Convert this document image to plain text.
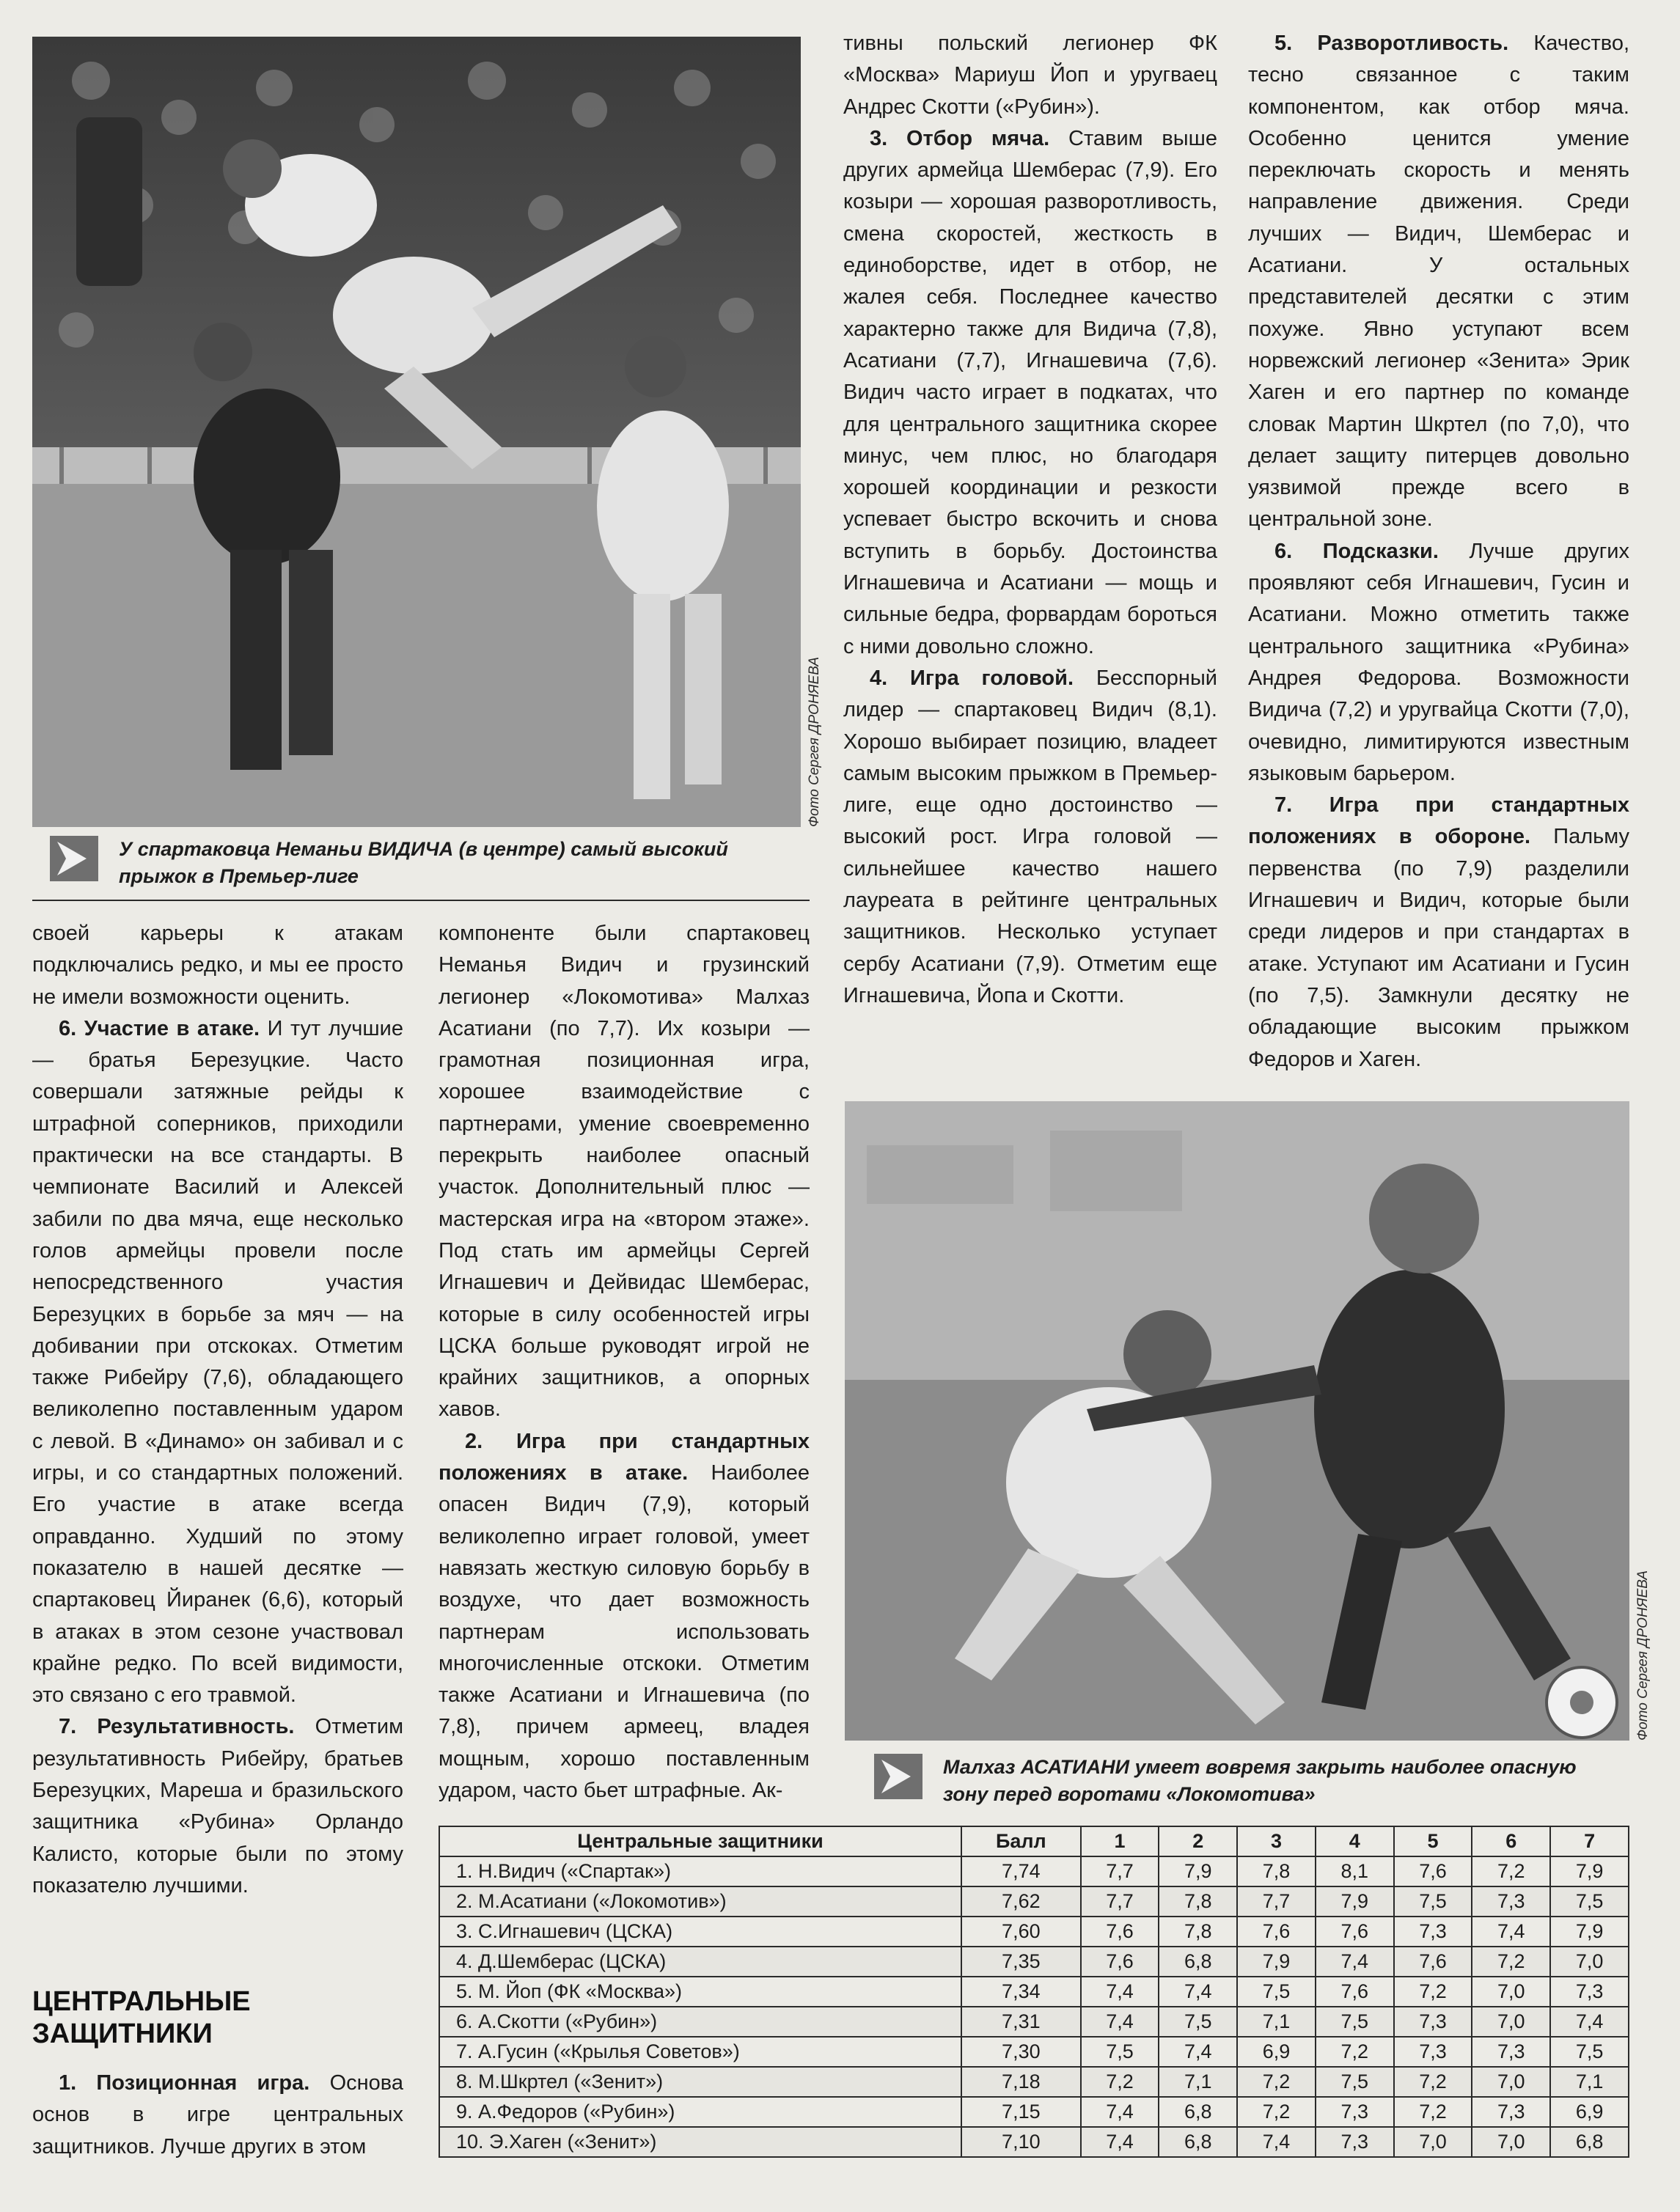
Фото Сергея ДРОНЯЕВА
У спартаковца Неманьи ВИДИЧА (в центре) самый высокий прыжок в Премьер-лиге

своей карьеры к атакам подключались редко, и мы ее просто не имели возможности оценить.

6. Участие в атаке. И тут лучшие — братья Березуцкие. Часто совершали затяжные рейды к штрафной соперников, приходили практически на все стандарты. В чемпионате Василий и Алексей забили по два мяча, еще несколько голов армейцы провели после непосредственного участия Березуцких в борьбе за мяч — на добивании при отскоках. Отметим также Рибейру (7,6), обладающего великолепно поставленным ударом с левой. В «Динамо» он забивал и с игры, и со стандартных положений. Его участие в атаке всегда оправданно. Худший по этому показателю в нашей десятке — спартаковец Йиранек (6,6), который в атаках в этом сезоне участвовал крайне редко. По всей видимости, это связано с его травмой.

7. Результативность. Отметим результативность Рибейру, братьев Березуцких, Мареша и бразильского защитника «Рубина» Орландо Калисто, которые были по этому показателю лучшими.

ЦЕНТРАЛЬНЫЕ ЗАЩИТНИКИ

1. Позиционная игра. Основа основ в игре центральных защитников. Лучше других в этом

компоненте были спартаковец Неманья Видич и грузинский легионер «Локомотива» Малхаз Асатиани (по 7,7). Их козыри — грамотная позиционная игра, хорошее взаимодействие с партнерами, умение своевременно перекрыть наиболее опасный участок. Дополнительный плюс — мастерская игра на «втором этаже». Под стать им армейцы Сергей Игнашевич и Дейвидас Шемберас, которые в силу особенностей игры ЦСКА больше руководят игрой не крайних защитников, а опорных хавов.

2. Игра при стандартных положениях в атаке. Наиболее опасен Видич (7,9), который великолепно играет головой, умеет навязать жесткую силовую борьбу в воздухе, что дает возможность партнерам использовать многочисленные отскоки. Отметим также Асатиани и Игнашевича (по 7,8), причем армеец, владея мощным, хорошо поставленным ударом, часто бьет штрафные. Ак-

тивны польский легионер ФК «Москва» Мариуш Йоп и уругваец Андрес Скотти («Рубин»).

3. Отбор мяча. Ставим выше других армейца Шемберас (7,9). Его козыри — хорошая разворотливость, смена скоростей, жесткость в единоборстве, идет в отбор, не жалея себя. Последнее качество характерно также для Видича (7,8), Асатиани (7,7), Игнашевича (7,6). Видич часто играет в подкатах, что для центрального защитника скорее минус, чем плюс, но благодаря хорошей координации и резкости успевает быстро вскочить и снова вступить в борьбу. Достоинства Игнашевича и Асатиани — мощь и сильные бедра, форвардам бороться с ними довольно сложно.

4. Игра головой. Бесспорный лидер — спартаковец Видич (8,1). Хорошо выбирает позицию, владеет самым высоким прыжком в Премьер-лиге, еще одно достоинство — высокий рост. Игра головой — сильнейшее качество нашего лауреата в рейтинге центральных защитников. Несколько уступает сербу Асатиани (7,9). Отметим еще Игнашевича, Йопа и Скотти.

5. Разворотливость. Качество, тесно связанное с таким компонентом, как отбор мяча. Особенно ценится умение переключать скорость и менять направление движения. Среди лучших — Видич, Шемберас и Асатиани. У остальных представителей десятки с этим похуже. Явно уступают всем норвежский легионер «Зенита» Эрик Хаген и его партнер по команде словак Мартин Шкртел (по 7,0), что делает защиту питерцев довольно уязвимой прежде всего в центральной зоне.

6. Подсказки. Лучше других проявляют себя Игнашевич, Гусин и Асатиани. Можно отметить также центрального защитника «Рубина» Андрея Федорова. Возможности Видича (7,2) и уругвайца Скотти (7,0), очевидно, лимитируются известным языковым барьером.

7. Игра при стандартных положениях в обороне. Пальму первенства (по 7,9) разделили Игнашевич и Видич, которые были среди лидеров и при стандартах в атаке. Уступают им Асатиани и Гусин (по 7,5). Замкнули десятку не обладающие высоким прыжком Федоров и Хаген.

Фото Сергея ДРОНЯЕВА
Малхаз АСАТИАНИ умеет вовремя закрыть наиболее опасную зону перед воротами «Локомотива»
Центральные защитники	Балл	1	2	3	4	5	6	7
1. Н.Видич («Спартак»)	7,74	7,7	7,9	7,8	8,1	7,6	7,2	7,9
2. М.Асатиани («Локомотив»)	7,62	7,7	7,8	7,7	7,9	7,5	7,3	7,5
3. С.Игнашевич (ЦСКА)	7,60	7,6	7,8	7,6	7,6	7,3	7,4	7,9
4. Д.Шемберас (ЦСКА)	7,35	7,6	6,8	7,9	7,4	7,6	7,2	7,0
5. М. Йоп (ФК «Москва»)	7,34	7,4	7,4	7,5	7,6	7,2	7,0	7,3
6. А.Скотти («Рубин»)	7,31	7,4	7,5	7,1	7,5	7,3	7,0	7,4
7. А.Гусин («Крылья Советов»)	7,30	7,5	7,4	6,9	7,2	7,3	7,3	7,5
8. М.Шкртел («Зенит»)	7,18	7,2	7,1	7,2	7,5	7,2	7,0	7,1
9. А.Федоров («Рубин»)	7,15	7,4	6,8	7,2	7,3	7,2	7,3	6,9
10. Э.Хаген («Зенит»)	7,10	7,4	6,8	7,4	7,3	7,0	7,0	6,8
